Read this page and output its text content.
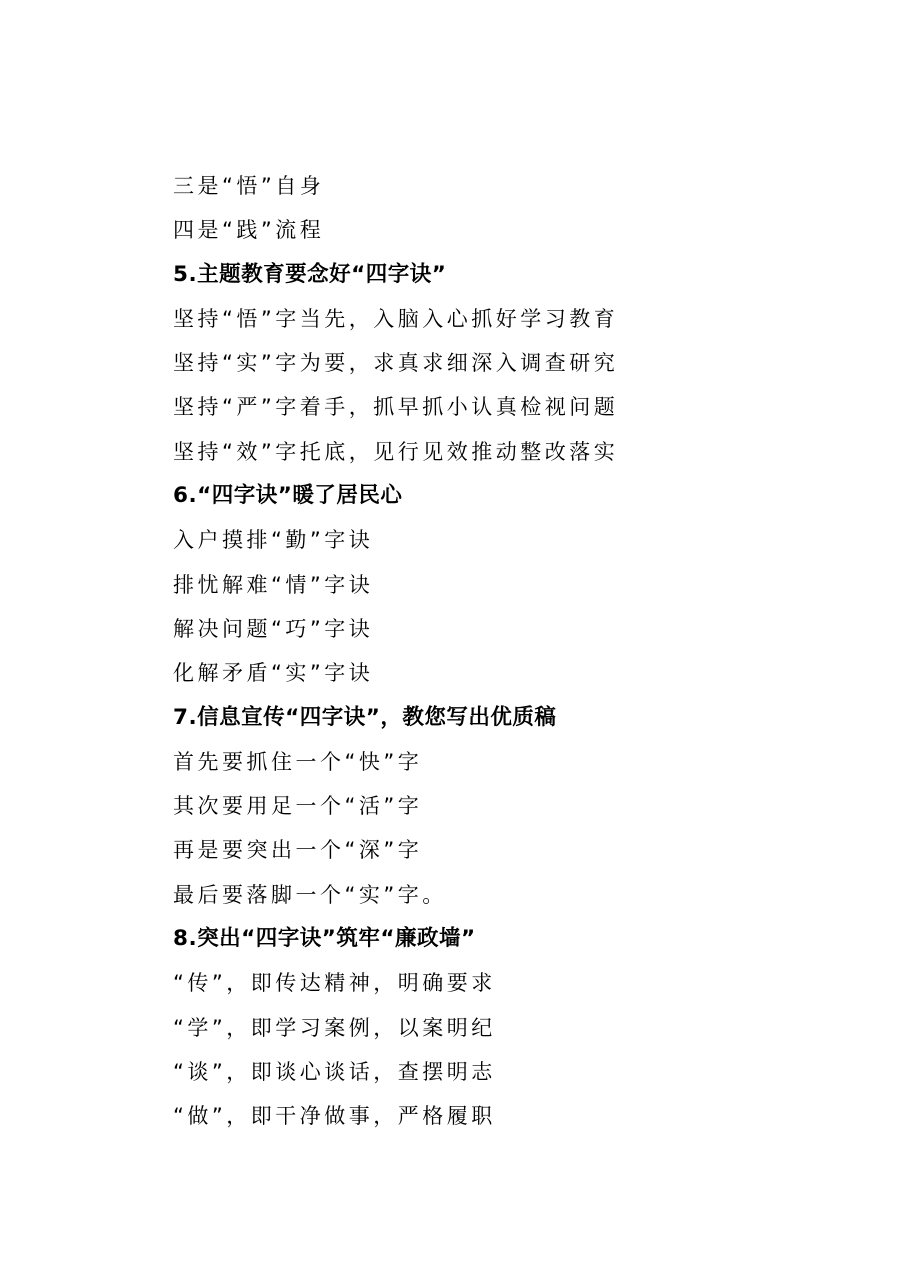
三是“悟”自身
四是“践”流程
5.主题教育要念好“四字诀”
坚持“悟”字当先，入脑入心抓好学习教育
坚持“实”字为要，求真求细深入调查研究
坚持“严”字着手，抓早抓小认真检视问题
坚持“效”字托底，见行见效推动整改落实
6.“四字诀”暖了居民心
入户摸排“勤”字诀
排忧解难“情”字诀
解决问题“巧”字诀
化解矛盾“实”字诀
7.信息宣传“四字诀”，教您写出优质稿
首先要抓住一个“快”字
其次要用足一个“活”字
再是要突出一个“深”字
最后要落脚一个“实”字。
8.突出“四字诀”筑牢“廉政墙”
“传”，即传达精神，明确要求
“学”，即学习案例，以案明纪
“谈”，即谈心谈话，查摆明志
“做”，即干净做事，严格履职
